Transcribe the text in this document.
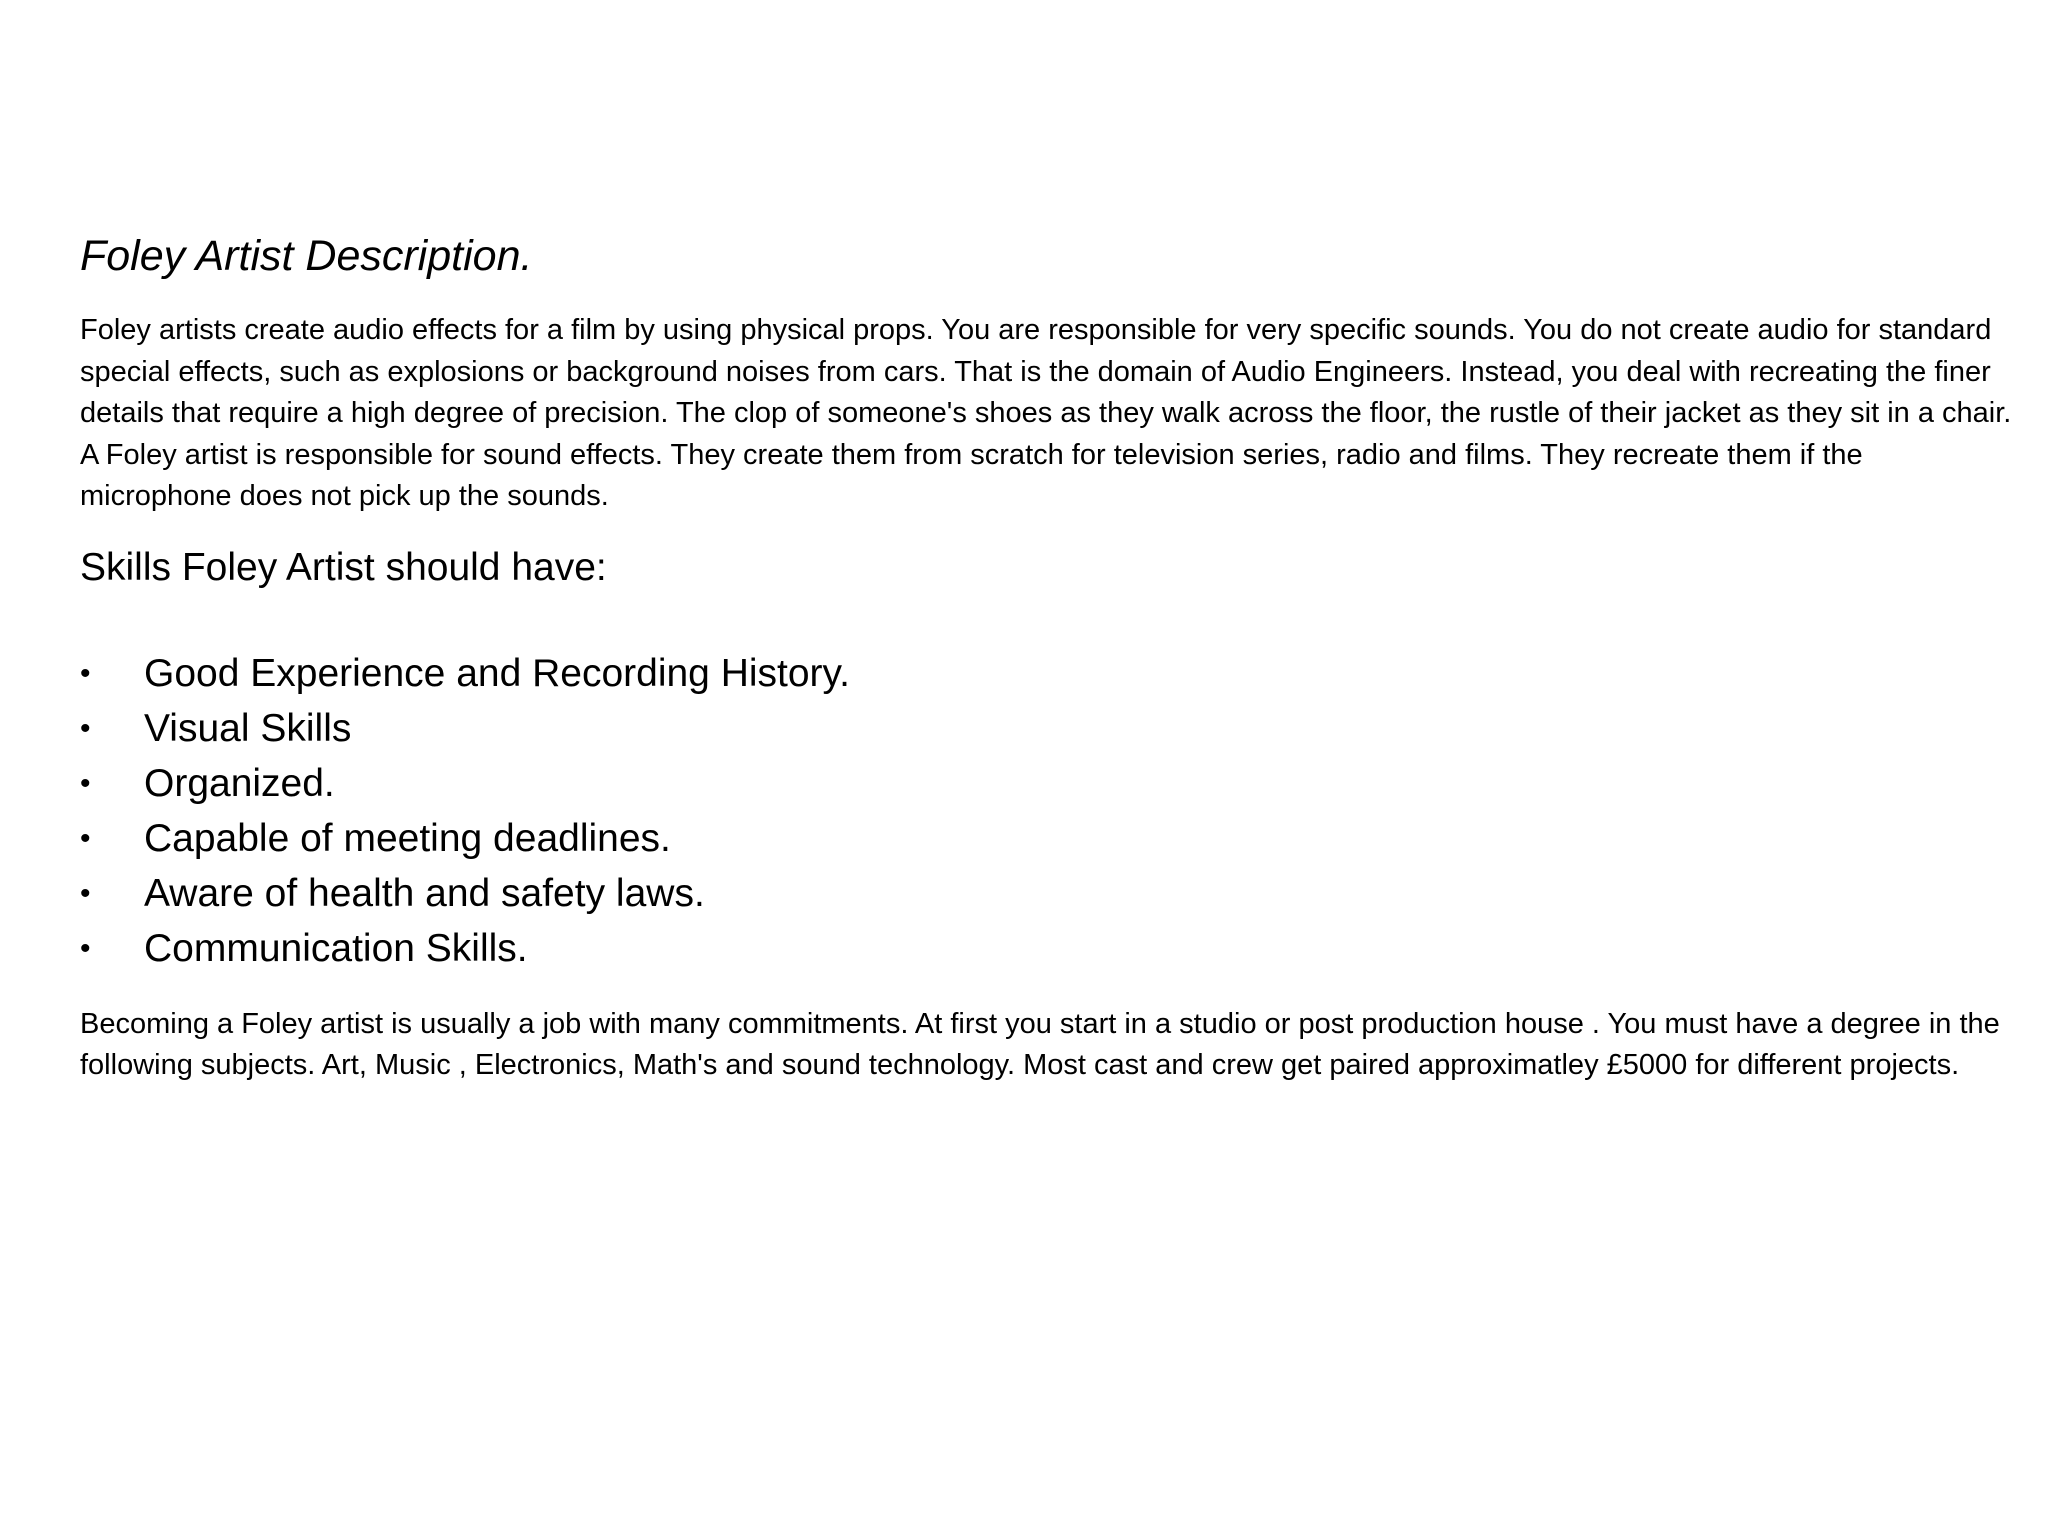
Foley Artist Description.

Foley artists create audio effects for a film by using physical props. You are responsible for very specific sounds. You do not create audio for standard special effects, such as explosions or background noises from cars. That is the domain of Audio Engineers. Instead, you deal with recreating the finer details that require a high degree of precision. The clop of someone's shoes as they walk across the floor, the rustle of their jacket as they sit in a chair. A Foley artist is responsible for sound effects. They create them from scratch for television series, radio and films. They recreate them if the microphone does not pick up the sounds.

Skills Foley Artist should have:
• Good Experience and Recording History.
• Visual Skills
• Organized.
• Capable of meeting deadlines.
• Aware of health and safety laws.
• Communication Skills.

Becoming a Foley artist is usually a job with many commitments. At first you start in a studio or post production house . You must have a degree in the following subjects. Art, Music , Electronics, Math's and sound technology. Most cast and crew get paired approximatley £5000 for different projects.
